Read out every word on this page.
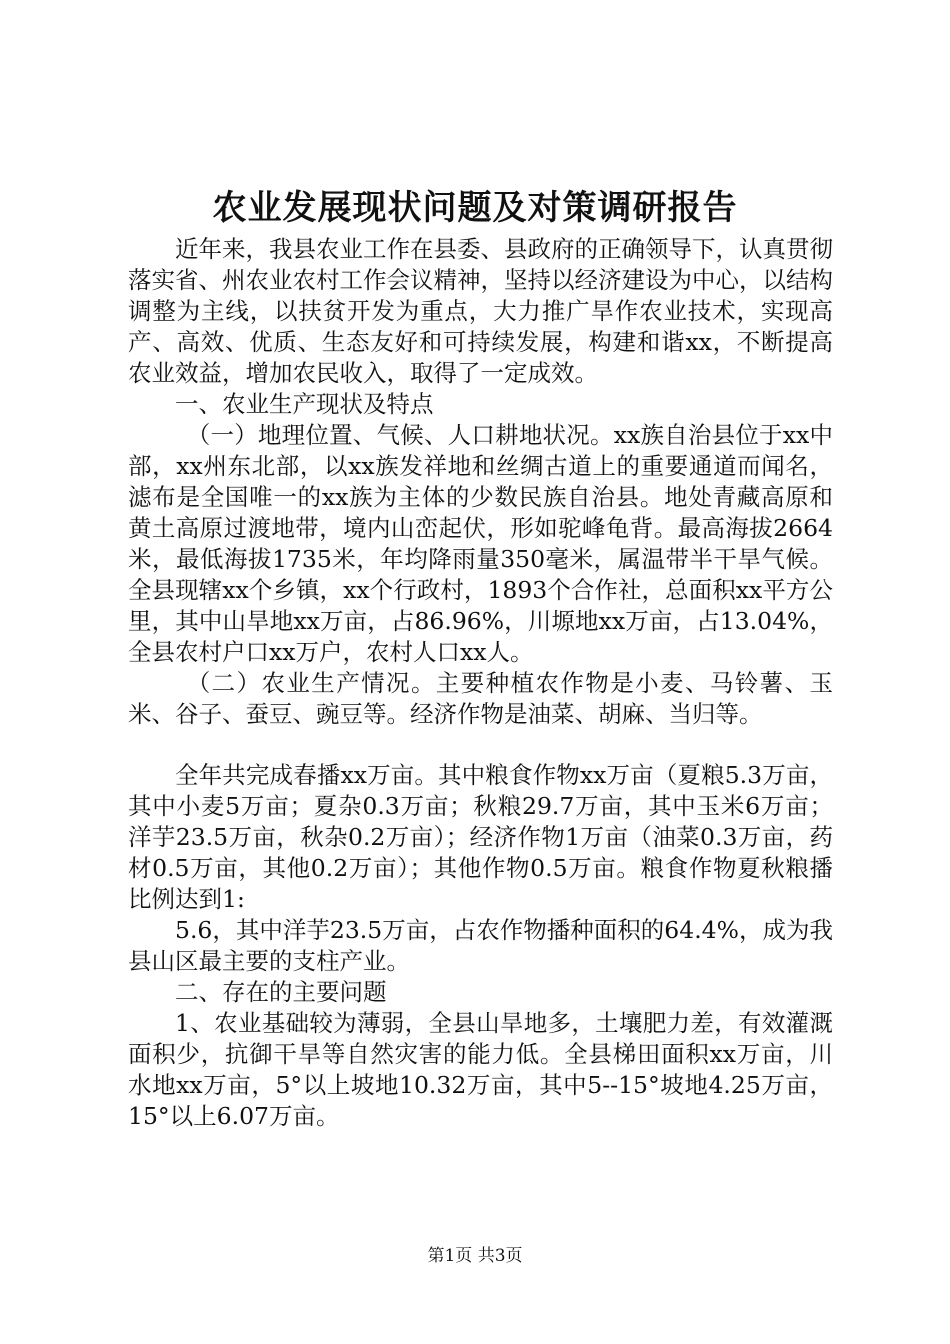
农业发展现状问题及对策调研报告

近年来，我县农业工作在县委、县政府的正确领导下，认真贯彻落实省、州农业农村工作会议精神，坚持以经济建设为中心，以结构调整为主线，以扶贫开发为重点，大力推广旱作农业技术，实现高产、高效、优质、生态友好和可持续发展，构建和谐xx，不断提高农业效益，增加农民收入，取得了一定成效。

一、农业生产现状及特点

（一）地理位置、气候、人口耕地状况。xx族自治县位于xx中部，xx州东北部，以xx族发祥地和丝绸古道上的重要通道而闻名，滤布是全国唯一的xx族为主体的少数民族自治县。地处青藏高原和黄土高原过渡地带，境内山峦起伏，形如驼峰龟背。最高海拔2664米，最低海拔1735米，年均降雨量350毫米，属温带半干旱气候。全县现辖xx个乡镇，xx个行政村，1893个合作社，总面积xx平方公里，其中山旱地xx万亩，占86.96%，川塬地xx万亩，占13.04%，全县农村户口xx万户，农村人口xx人。

（二）农业生产情况。主要种植农作物是小麦、马铃薯、玉米、谷子、蚕豆、豌豆等。经济作物是油菜、胡麻、当归等。

全年共完成春播xx万亩。其中粮食作物xx万亩（夏粮5.3万亩，其中小麦5万亩；夏杂0.3万亩；秋粮29.7万亩，其中玉米6万亩；洋芋23.5万亩，秋杂0.2万亩）；经济作物1万亩（油菜0.3万亩，药材0.5万亩，其他0.2万亩）；其他作物0.5万亩。粮食作物夏秋粮播比例达到1:

5.6，其中洋芋23.5万亩，占农作物播种面积的64.4%，成为我县山区最主要的支柱产业。

二、存在的主要问题

1、农业基础较为薄弱，全县山旱地多，土壤肥力差，有效灌溉面积少，抗御干旱等自然灾害的能力低。全县梯田面积xx万亩，川水地xx万亩，5°以上坡地10.32万亩，其中5--15°坡地4.25万亩，15°以上6.07万亩。

第1页 共3页
